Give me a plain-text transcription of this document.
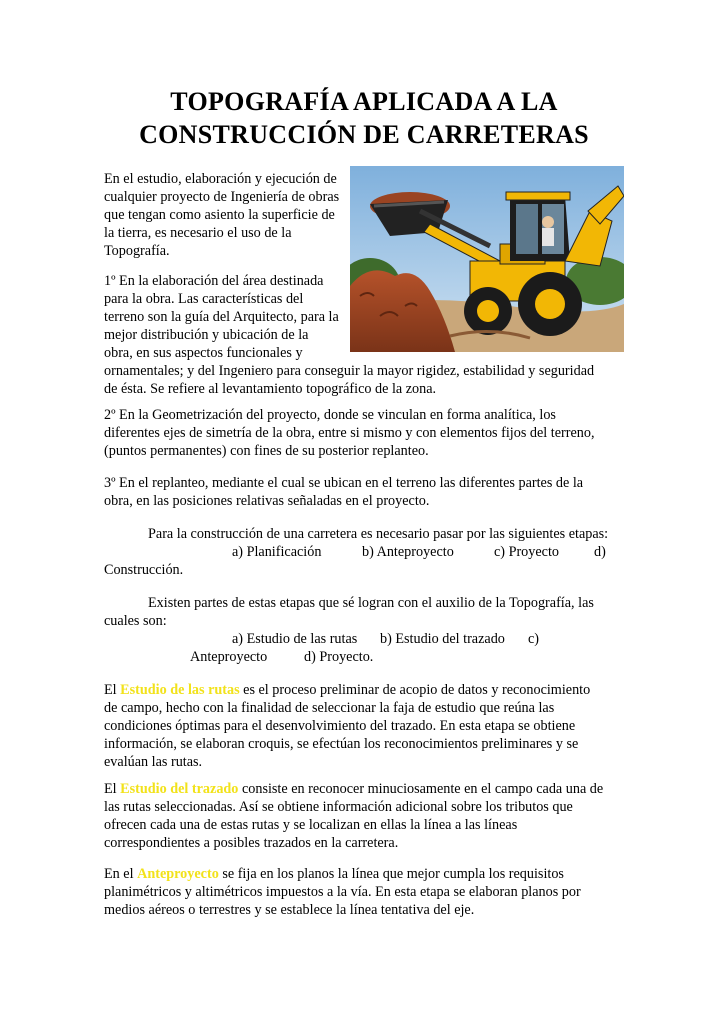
TOPOGRAFÍA APLICADA A LA
CONSTRUCCIÓN DE CARRETERAS
En el estudio, elaboración y ejecución de
cualquier proyecto de Ingeniería de obras
que tengan como asiento la superficie de
la tierra, es necesario el uso de la
Topografía.
1º En la elaboración del área destinada
para la obra. Las características del
terreno son la guía del Arquitecto, para la
mejor distribución y ubicación de la
obra, en sus aspectos funcionales y
ornamentales; y del Ingeniero para conseguir la mayor rigidez, estabilidad y seguridad
de ésta. Se refiere al levantamiento topográfico de la zona.
2º En la Geometrización del proyecto, donde se vinculan en forma analítica, los
diferentes ejes de simetría de la obra, entre si mismo y con elementos fijos del terreno,
(puntos permanentes) con fines de su posterior replanteo.
3º En el replanteo, mediante el cual se ubican en el terreno las diferentes partes de la
obra, en las posiciones relativas señaladas en el proyecto.
Para la construcción de una carretera es necesario pasar por las siguientes etapas:
a) Planificación	b) Anteproyecto	c) Proyecto d)
Construcción.
Existen partes de estas etapas que sé logran con el auxilio de la Topografía, las
cuales son:
a) Estudio de las rutas b) Estudio del trazado c)
Anteproyecto	d) Proyecto.
El Estudio de las rutas es el proceso preliminar de acopio de datos y reconocimiento
de campo, hecho con la finalidad de seleccionar la faja de estudio que reúna las
condiciones óptimas para el desenvolvimiento del trazado. En esta etapa se obtiene
información, se elaboran croquis, se efectúan los reconocimientos preliminares y se
evalúan las rutas.
El Estudio del trazado consiste en reconocer minuciosamente en el campo cada una de
las rutas seleccionadas. Así se obtiene información adicional sobre los tributos que
ofrecen cada una de estas rutas y se localizan en ellas la línea a las líneas
correspondientes a posibles trazados en la carretera.
En el Anteproyecto se fija en los planos la línea que mejor cumpla los requisitos
planimétricos y altimétricos impuestos a la vía. En esta etapa se elaboran planos por
medios aéreos o terrestres y se establece la línea tentativa del eje.
